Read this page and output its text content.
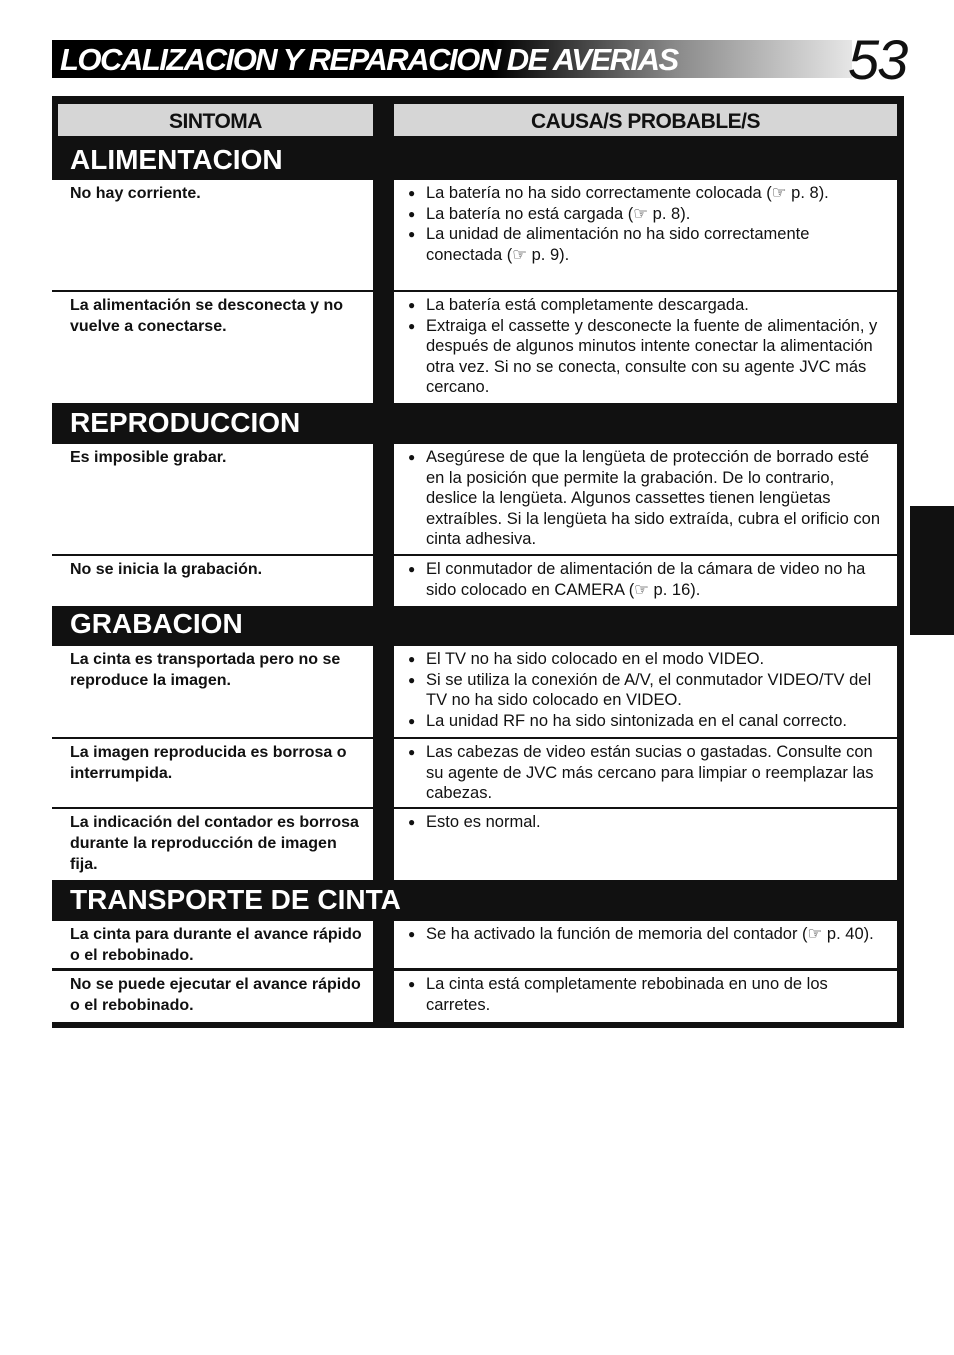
LOCALIZACION Y REPARACION DE AVERIAS	53
SINTOMA	CAUSA/S PROBABLE/S
ALIMENTACION
No hay corriente.	● La batería no ha sido correctamente colocada (☞ p. 8).
● La batería no está cargada (☞ p. 8).
● La unidad de alimentación no ha sido correctamente conectada (☞ p. 9).
La alimentación se desconecta y no vuelve a conectarse.
● La batería está completamente descargada.
● Extraiga el cassette y desconecte la fuente de alimentación, y después de algunos minutos intente conectar la alimentación otra vez. Si no se conecta, consulte con su agente JVC más cercano.
REPRODUCCION
Es imposible grabar.	● Asegúrese de que la lengüeta de protección de borrado esté en la posición que permite la grabación. De lo contrario, deslice la lengüeta. Algunos cassettes tienen lengüetas extraíbles. Si la lengüeta ha sido extraída, cubra el orificio con cinta adhesiva.
No se inicia la grabación.	● El conmutador de alimentación de la cámara de video no ha sido colocado en CAMERA (☞ p. 16).
GRABACION
La cinta es transportada pero no se reproduce la imagen.
● El TV no ha sido colocado en el modo VIDEO.
● Si se utiliza la conexión de A/V, el conmutador VIDEO/TV del TV no ha sido colocado en VIDEO.
● La unidad RF no ha sido sintonizada en el canal correcto.
La imagen reproducida es borrosa o interrumpida.
● Las cabezas de video están sucias o gastadas. Consulte con su agente de JVC más cercano para limpiar o reemplazar las cabezas.
La indicación del contador es borrosa durante la reproducción de imagen fija.
● Esto es normal.
TRANSPORTE DE CINTA
La cinta para durante el avance rápido o el rebobinado.
● Se ha activado la función de memoria del contador (☞ p. 40).
No se puede ejecutar el avance rápido o el rebobinado.
● La cinta está completamente rebobinada en uno de los carretes.
